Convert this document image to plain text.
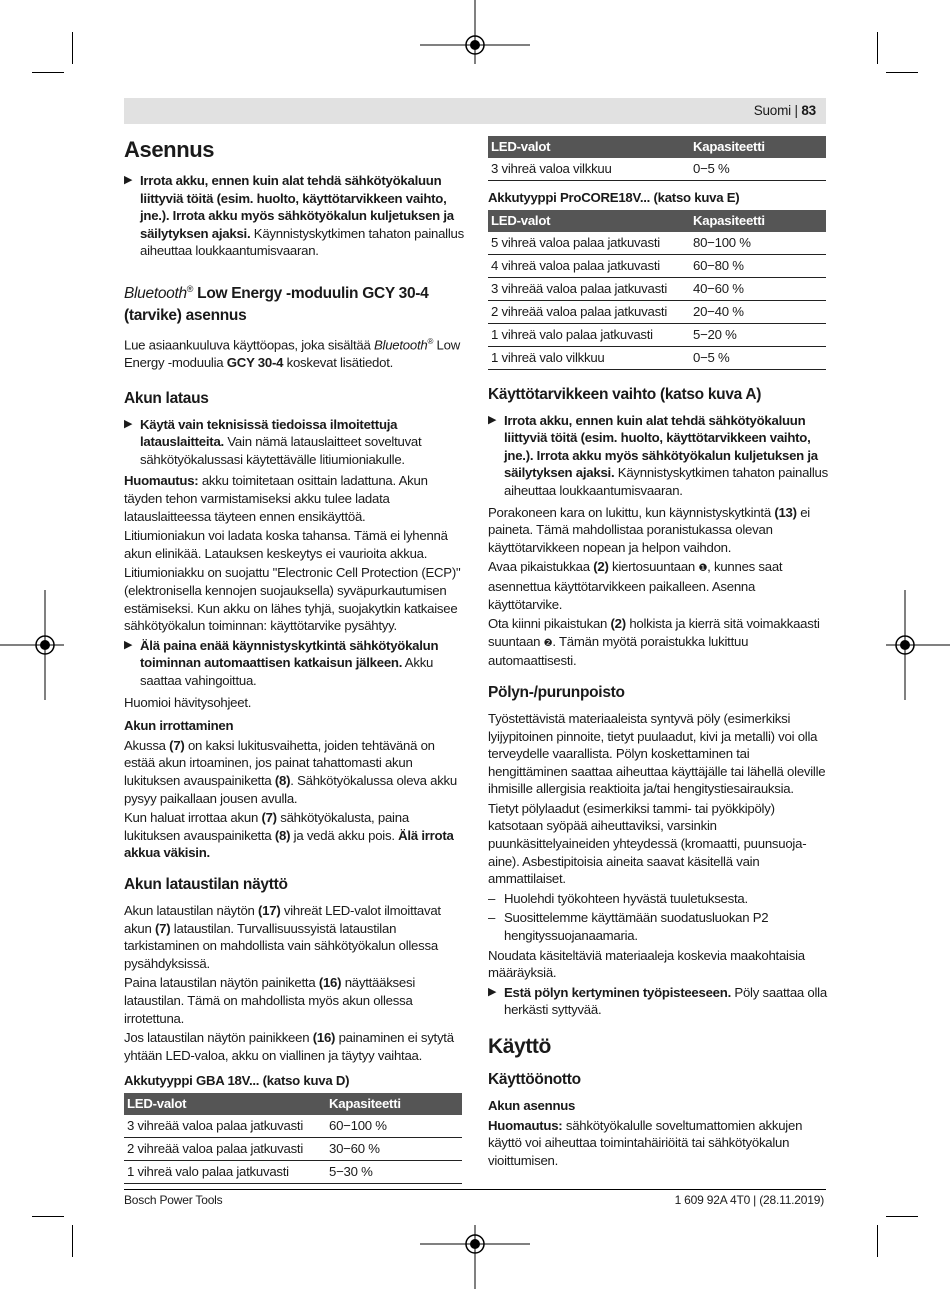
Suomi | 83
Asennus
▶ Irrota akku, ennen kuin alat tehdä sähkötyökaluun liittyviä töitä (esim. huolto, käyttötarvikkeen vaihto, jne.). Irrota akku myös sähkötyökalun kuljetuksen ja säilytyksen ajaksi. Käynnistyskytkimen tahaton painallus aiheuttaa loukkaantumisvaaran.
Bluetooth® Low Energy -moduulin GCY 30-4 (tarvike) asennus

Lue asiaankuuluva käyttöopas, joka sisältää Bluetooth® Low Energy -moduulia GCY 30-4 koskevat lisätiedot.

Akun lataus
▶ Käytä vain teknisissä tiedoissa ilmoitettuja latauslaitteita. Vain nämä latauslaitteet soveltuvat sähkötyökalussasi käytettävälle litiumioniakulle.

Huomautus: akku toimitetaan osittain ladattuna. Akun täyden tehon varmistamiseksi akku tulee ladata latauslaitteessa täyteen ennen ensikäyttöä.

Litiumioniakun voi ladata koska tahansa. Tämä ei lyhennä akun elinikää. Latauksen keskeytys ei vaurioita akkua.

Litiumioniakku on suojattu "Electronic Cell Protection (ECP)" (elektronisella kennojen suojauksella) syväpurkautumisen estämiseksi. Kun akku on lähes tyhjä, suojakytkin katkaisee sähkötyökalun toiminnan: käyttötarvike pysähtyy.

▶ Älä paina enää käynnistyskytkintä sähkötyökalun toiminnan automaattisen katkaisun jälkeen. Akku saattaa vahingoittua.

Huomioi hävitysohjeet.

Akun irrottaminen

Akussa (7) on kaksi lukitusvaihetta, joiden tehtävänä on estää akun irtoaminen, jos painat tahattomasti akun lukituksen avauspainiketta (8). Sähkötyökalussa oleva akku pysyy paikallaan jousen avulla.

Kun haluat irrottaa akun (7) sähkötyökalusta, paina lukituksen avauspainiketta (8) ja vedä akku pois. Älä irrota akkua väkisin.

Akun lataustilan näyttö

Akun lataustilan näytön (17) vihreät LED-valot ilmoittavat akun (7) lataustilan. Turvallisuussyistä lataustilan tarkistaminen on mahdollista vain sähkötyökalun ollessa pysähdyksissä.

Paina lataustilan näytön painiketta (16) näyttääksesi lataustilan. Tämä on mahdollista myös akun ollessa irrotettuna.

Jos lataustilan näytön painikkeen (16) painaminen ei sytytä yhtään LED-valoa, akku on viallinen ja täytyy vaihtaa.

Akkutyyppi GBA 18V... (katso kuva D)
LED-valot	Kapasiteetti
3 vihreää valoa palaa jatkuvasti	60−100 %
2 vihreää valoa palaa jatkuvasti	30−60 %
1 vihreä valo palaa jatkuvasti	5−30 %
LED-valot	Kapasiteetti
3 vihreä valoa vilkkuu	0−5 %
Akkutyyppi ProCORE18V... (katso kuva E)
LED-valot	Kapasiteetti
5 vihreä valoa palaa jatkuvasti	80−100 %
4 vihreä valoa palaa jatkuvasti	60−80 %
3 vihreää valoa palaa jatkuvasti	40−60 %
2 vihreää valoa palaa jatkuvasti	20−40 %
1 vihreä valo palaa jatkuvasti	5−20 %
1 vihreä valo vilkkuu	0−5 %
Käyttötarvikkeen vaihto (katso kuva A)
▶ Irrota akku, ennen kuin alat tehdä sähkötyökaluun liittyviä töitä (esim. huolto, käyttötarvikkeen vaihto, jne.). Irrota akku myös sähkötyökalun kuljetuksen ja säilytyksen ajaksi. Käynnistyskytkimen tahaton painallus aiheuttaa loukkaantumisvaaran.

Porakoneen kara on lukittu, kun käynnistyskytkintä (13) ei paineta. Tämä mahdollistaa poranistukassa olevan käyttötarvikkeen nopean ja helpon vaihdon.

Avaa pikaistukkaa (2) kiertosuuntaan ❶, kunnes saat asennettua käyttötarvikkeen paikalleen. Asenna käyttötarvike.

Ota kiinni pikaistukan (2) holkista ja kierrä sitä voimakkaasti suuntaan ❷. Tämän myötä poraistukka lukittuu automaattisesti.

Pölyn-/purunpoisto

Työstettävistä materiaaleista syntyvä pöly (esimerkiksi lyijypitoinen pinnoite, tietyt puulaadut, kivi ja metalli) voi olla terveydelle vaarallista. Pölyn koskettaminen tai hengittäminen saattaa aiheuttaa käyttäjälle tai lähellä oleville ihmisille allergisia reaktioita ja/tai hengitystiesairauksia.

Tietyt pölylaadut (esimerkiksi tammi- tai pyökkipöly) katsotaan syöpää aiheuttaviksi, varsinkin puunkäsittelyaineiden yhteydessä (kromaatti, puunsuoja-aine). Asbestipitoisia aineita saavat käsitellä vain ammattilaiset.

– Huolehdi työkohteen hyvästä tuuletuksesta.
– Suosittelemme käyttämään suodatusluokan P2 hengityssuojanaamaria.

Noudata käsiteltäviä materiaaleja koskevia maakohtaisia määräyksiä.

▶ Estä pölyn kertyminen työpisteeseen. Pöly saattaa olla herkästi syttyvää.
Käyttö
Käyttöönotto
Akun asennus

Huomautus: sähkötyökalulle soveltumattomien akkujen käyttö voi aiheuttaa toimintahäiriöitä tai sähkötyökalun vioittumisen.

Bosch Power Tools	1 609 92A 4T0 | (28.11.2019)
